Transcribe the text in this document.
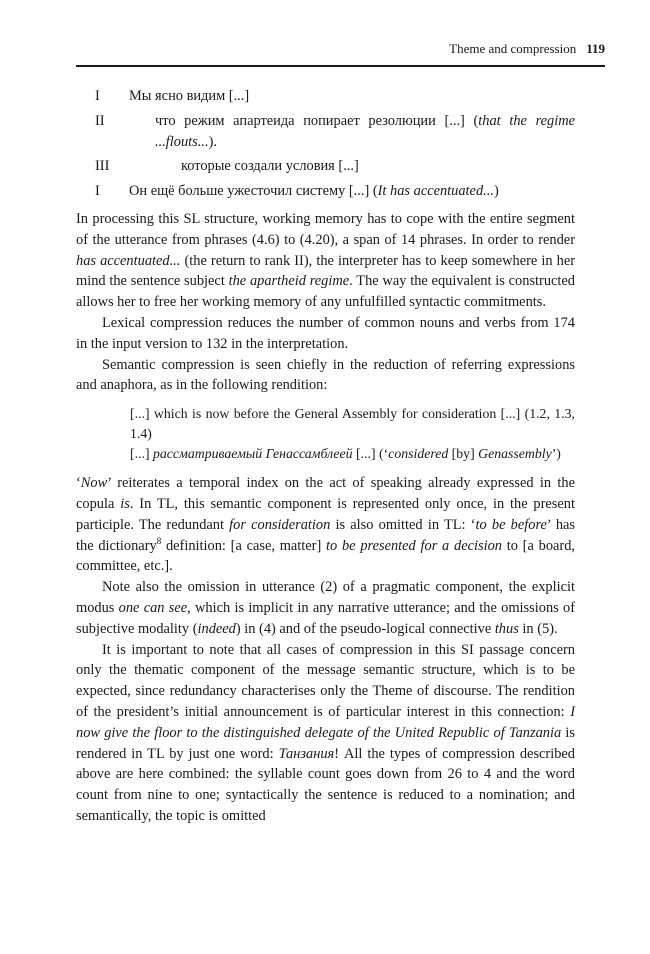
Theme and compression 119
I Мы ясно видим [...]
II	что режим апартеида попирает резолюции [...] (that the regime ...flouts...).
III	которые создали условия [...]
I Он ещё больше ужесточил систему [...] (It has accentuated...)

In processing this SL structure, working memory has to cope with the entire segment of the utterance from phrases (4.6) to (4.20), a span of 14 phrases. In order to render has accentuated... (the return to rank II), the interpreter has to keep somewhere in her mind the sentence subject the apartheid regime. The way the equivalent is constructed allows her to free her working memory of any unfulfilled syntactic commitments.

Lexical compression reduces the number of common nouns and verbs from 174 in the input version to 132 in the interpretation.

Semantic compression is seen chiefly in the reduction of referring expressions and anaphora, as in the following rendition:

[...] which is now before the General Assembly for consideration [...] (1.2, 1.3, 1.4)
[...] рассматриваемый Генассамблеей [...] (‘considered [by] Genassembly’)

‘Now’ reiterates a temporal index on the act of speaking already expressed in the copula is. In TL, this semantic component is represented only once, in the present participle. The redundant for consideration is also omitted in TL: ‘to be before’ has the dictionary$^8$ definition: [a case, matter] to be presented for a decision to [a board, committee, etc.].

Note also the omission in utterance (2) of a pragmatic component, the explicit modus one can see, which is implicit in any narrative utterance; and the omissions of subjective modality (indeed) in (4) and of the pseudo-logical connective thus in (5).

It is important to note that all cases of compression in this SI passage concern only the thematic component of the message semantic structure, which is to be expected, since redundancy characterises only the Theme of discourse. The rendition of the president’s initial announcement is of particular interest in this connection: I now give the floor to the distinguished delegate of the United Republic of Tanzania is rendered in TL by just one word: Танзания! All the types of compression described above are here combined: the syllable count goes down from 26 to 4 and the word count from nine to one; syntactically the sentence is reduced to a nomination; and semantically, the topic is omitted
